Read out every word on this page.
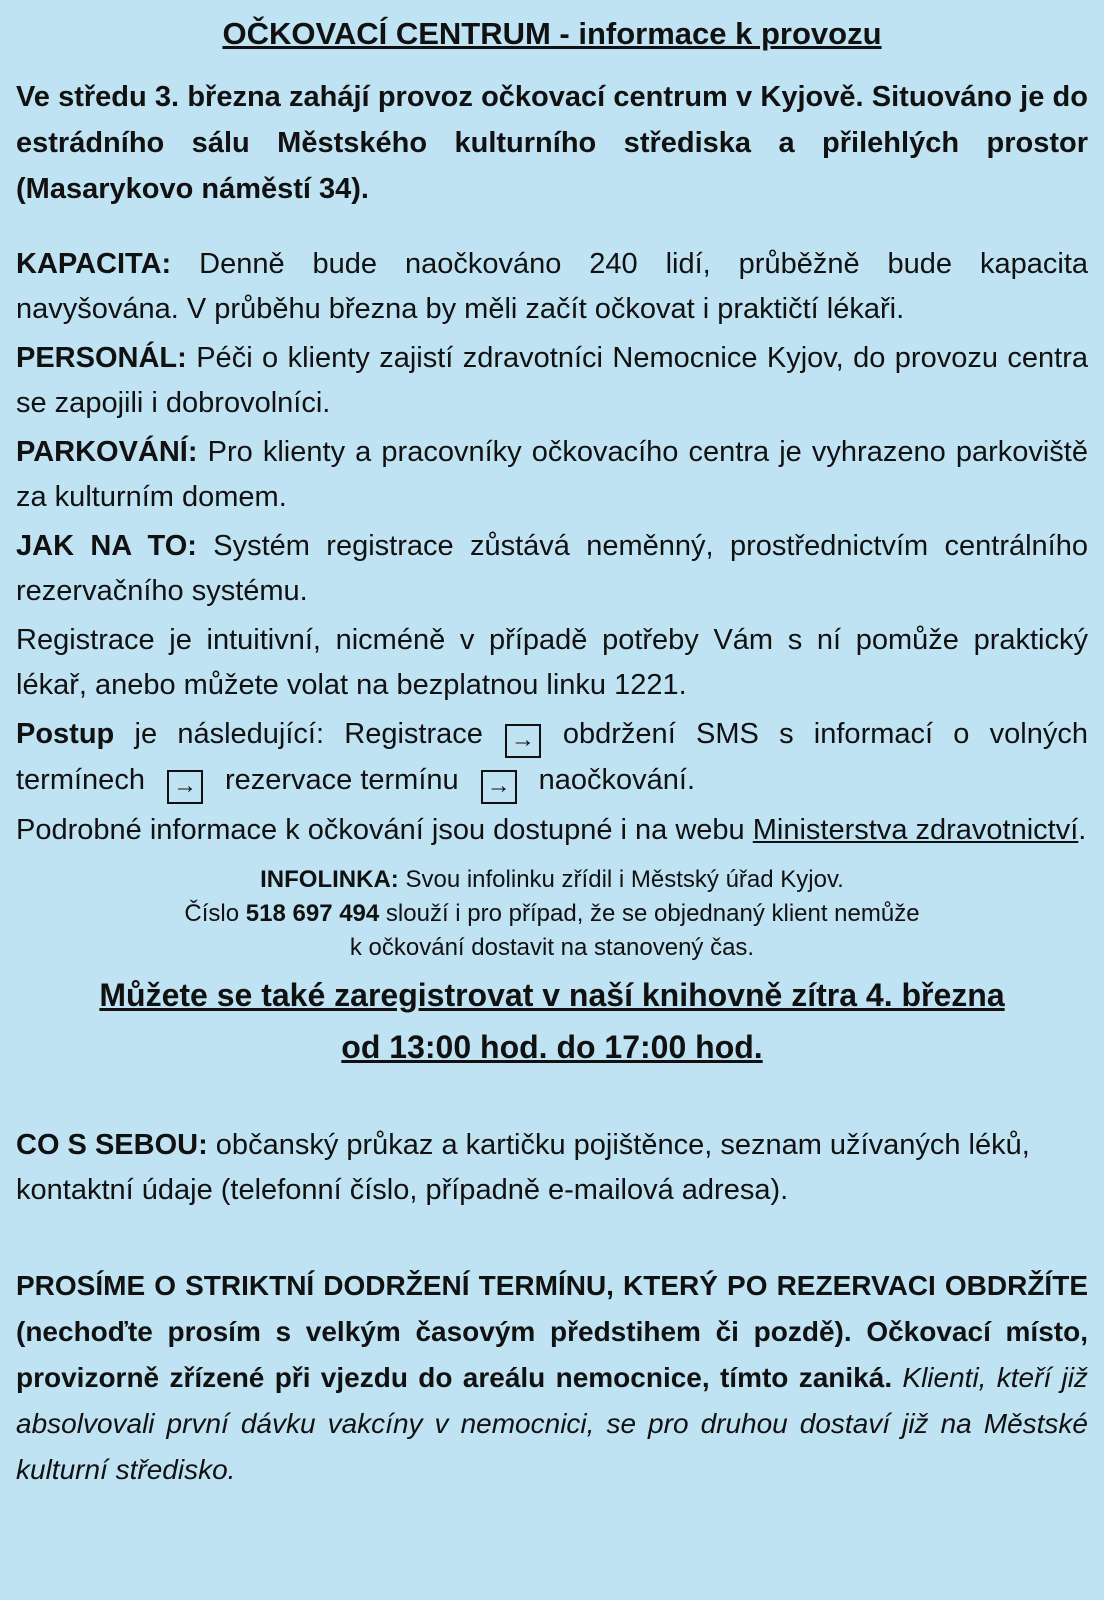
OČKOVACÍ CENTRUM - informace k provozu
Ve středu 3. března zahájí provoz očkovací centrum v Kyjově. Situováno je do estrádního sálu Městského kulturního střediska a přilehlých prostor (Masarykovo náměstí 34).
KAPACITA: Denně bude naočkováno 240 lidí, průběžně bude kapacita navyšována. V průběhu března by měli začít očkovat i praktičtí lékaři.
PERSONÁL: Péči o klienty zajistí zdravotníci Nemocnice Kyjov, do provozu centra se zapojili i dobrovolníci.
PARKOVÁNÍ: Pro klienty a pracovníky očkovacího centra je vyhrazeno parkoviště za kulturním domem.
JAK NA TO: Systém registrace zůstává neměnný, prostřednictvím centrálního rezervačního systému.
Registrace je intuitivní, nicméně v případě potřeby Vám s ní pomůže praktický lékař, anebo můžete volat na bezplatnou linku 1221.
Postup je následující: Registrace → obdržení SMS s informací o volných termínech → rezervace termínu → naočkování.
Podrobné informace k očkování jsou dostupné i na webu Ministerstva zdravotnictví.
INFOLINKA: Svou infolinku zřídil i Městský úřad Kyjov.
Číslo 518 697 494 slouží i pro případ, že se objednaný klient nemůže
k očkování dostavit na stanovený čas.
Můžete se také zaregistrovat v naší knihovně zítra 4. března
od 13:00 hod. do 17:00 hod.
CO S SEBOU: občanský průkaz a kartičku pojištěnce, seznam užívaných léků, kontaktní údaje (telefonní číslo, případně e-mailová adresa).
PROSÍME O STRIKTNÍ DODRŽENÍ TERMÍNU, KTERÝ PO REZERVACI OBDRŽÍTE (nechoďte prosím s velkým časovým předstihem či pozdě). Očkovací místo, provizorně zřízené při vjezdu do areálu nemocnice, tímto zaniká. Klienti, kteří již absolvovali první dávku vakcíny v nemocnici, se pro druhou dostaví již na Městské kulturní středisko.
